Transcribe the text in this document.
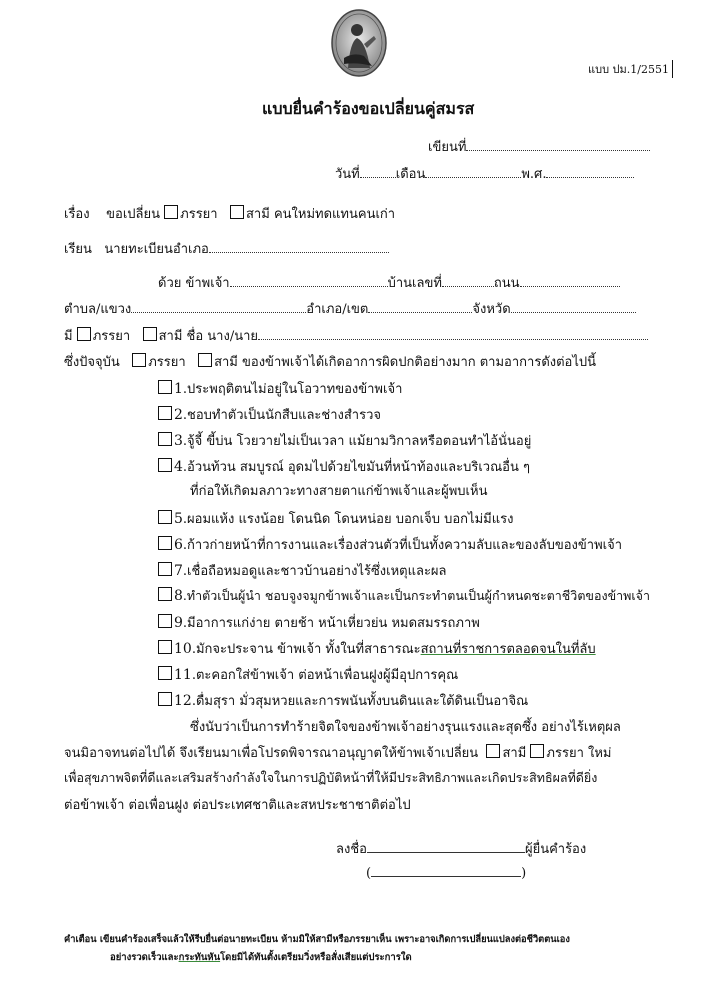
แบบ ปม.1/2551
แบบยื่นคำร้องขอเปลี่ยนคู่สมรส
เขียนที่
วันที่	เดือน	พ.ศ.
เรื่อง ขอเปลี่ยน ภรรยา สามี คนใหม่ทดแทนคนเก่า
เรียน นายทะเบียนอำเภอ
ด้วย ข้าพเจ้า	บ้านเลขที่	ถนน
ตำบล/แขวง	อำเภอ/เขต	จังหวัด
มี ภรรยา สามี ชื่อ นาง/นาย
ซึ่งปัจจุบัน ภรรยา สามี ของข้าพเจ้าได้เกิดอาการผิดปกติอย่างมาก ตามอาการดังต่อไปนี้
1.ประพฤติตนไม่อยู่ในโอวาทของข้าพเจ้า
2.ชอบทำตัวเป็นนักสืบและช่างสำรวจ
3.จู้จี้ ขี้บ่น โวยวายไม่เป็นเวลา แม้ยามวิกาลหรือตอนทำไอ้นั่นอยู่
4.อ้วนท้วน สมบูรณ์ อุดมไปด้วยไขมันที่หน้าท้องและบริเวณอื่น ๆ
ที่ก่อให้เกิดมลภาวะทางสายตาแก่ข้าพเจ้าและผู้พบเห็น
5.ผอมแห้ง แรงน้อย โดนนิด โดนหน่อย บอกเจ็บ บอกไม่มีแรง
6.ก้าวก่ายหน้าที่การงานและเรื่องส่วนตัวที่เป็นทั้งความลับและของลับของข้าพเจ้า
7.เชื่อถือหมอดูและชาวบ้านอย่างไร้ซึ่งเหตุและผล
8.ทำตัวเป็นผู้นำ ชอบจูงจมูกข้าพเจ้าและเป็นกระทำตนเป็นผู้กำหนดชะตาชีวิตของข้าพเจ้า
9.มีอาการแก่ง่าย ตายช้า หน้าเหี่ยวย่น หมดสมรรถภาพ
10.มักจะประจาน ข้าพเจ้า ทั้งในที่สาธารณะสถานที่ราชการตลอดจนในที่ลับ
11.ตะคอกใส่ข้าพเจ้า ต่อหน้าเพื่อนฝูงผู้มีอุปการคุณ
12.ดื่มสุรา มั่วสุมหวยและการพนันทั้งบนดินและใต้ดินเป็นอาจิณ
ซึ่งนับว่าเป็นการทำร้ายจิตใจของข้าพเจ้าอย่างรุนแรงและสุดซึ้ง อย่างไร้เหตุผล
จนมิอาจทนต่อไปได้ จึงเรียนมาเพื่อโปรดพิจารณาอนุญาตให้ข้าพเจ้าเปลี่ยน สามี ภรรยา ใหม่
เพื่อสุขภาพจิตที่ดีและเสริมสร้างกำลังใจในการปฏิบัติหน้าที่ให้มีประสิทธิภาพและเกิดประสิทธิผลที่ดียิ่ง
ต่อข้าพเจ้า ต่อเพื่อนฝูง ต่อประเทศชาติและสหประชาชาติต่อไป
ลงชื่อ	ผู้ยื่นคำร้อง
(	)
คำเตือน เขียนคำร้องเสร็จแล้วให้รีบยื่นต่อนายทะเบียน ห้ามมิให้สามีหรือภรรยาเห็น เพราะอาจเกิดการเปลี่ยนแปลงต่อชีวิตตนเอง
อย่างรวดเร็วและกระทันหันโดยมิได้ทันตั้งเตรียมวิ่งหรือสั่งเสียแต่ประการใด
